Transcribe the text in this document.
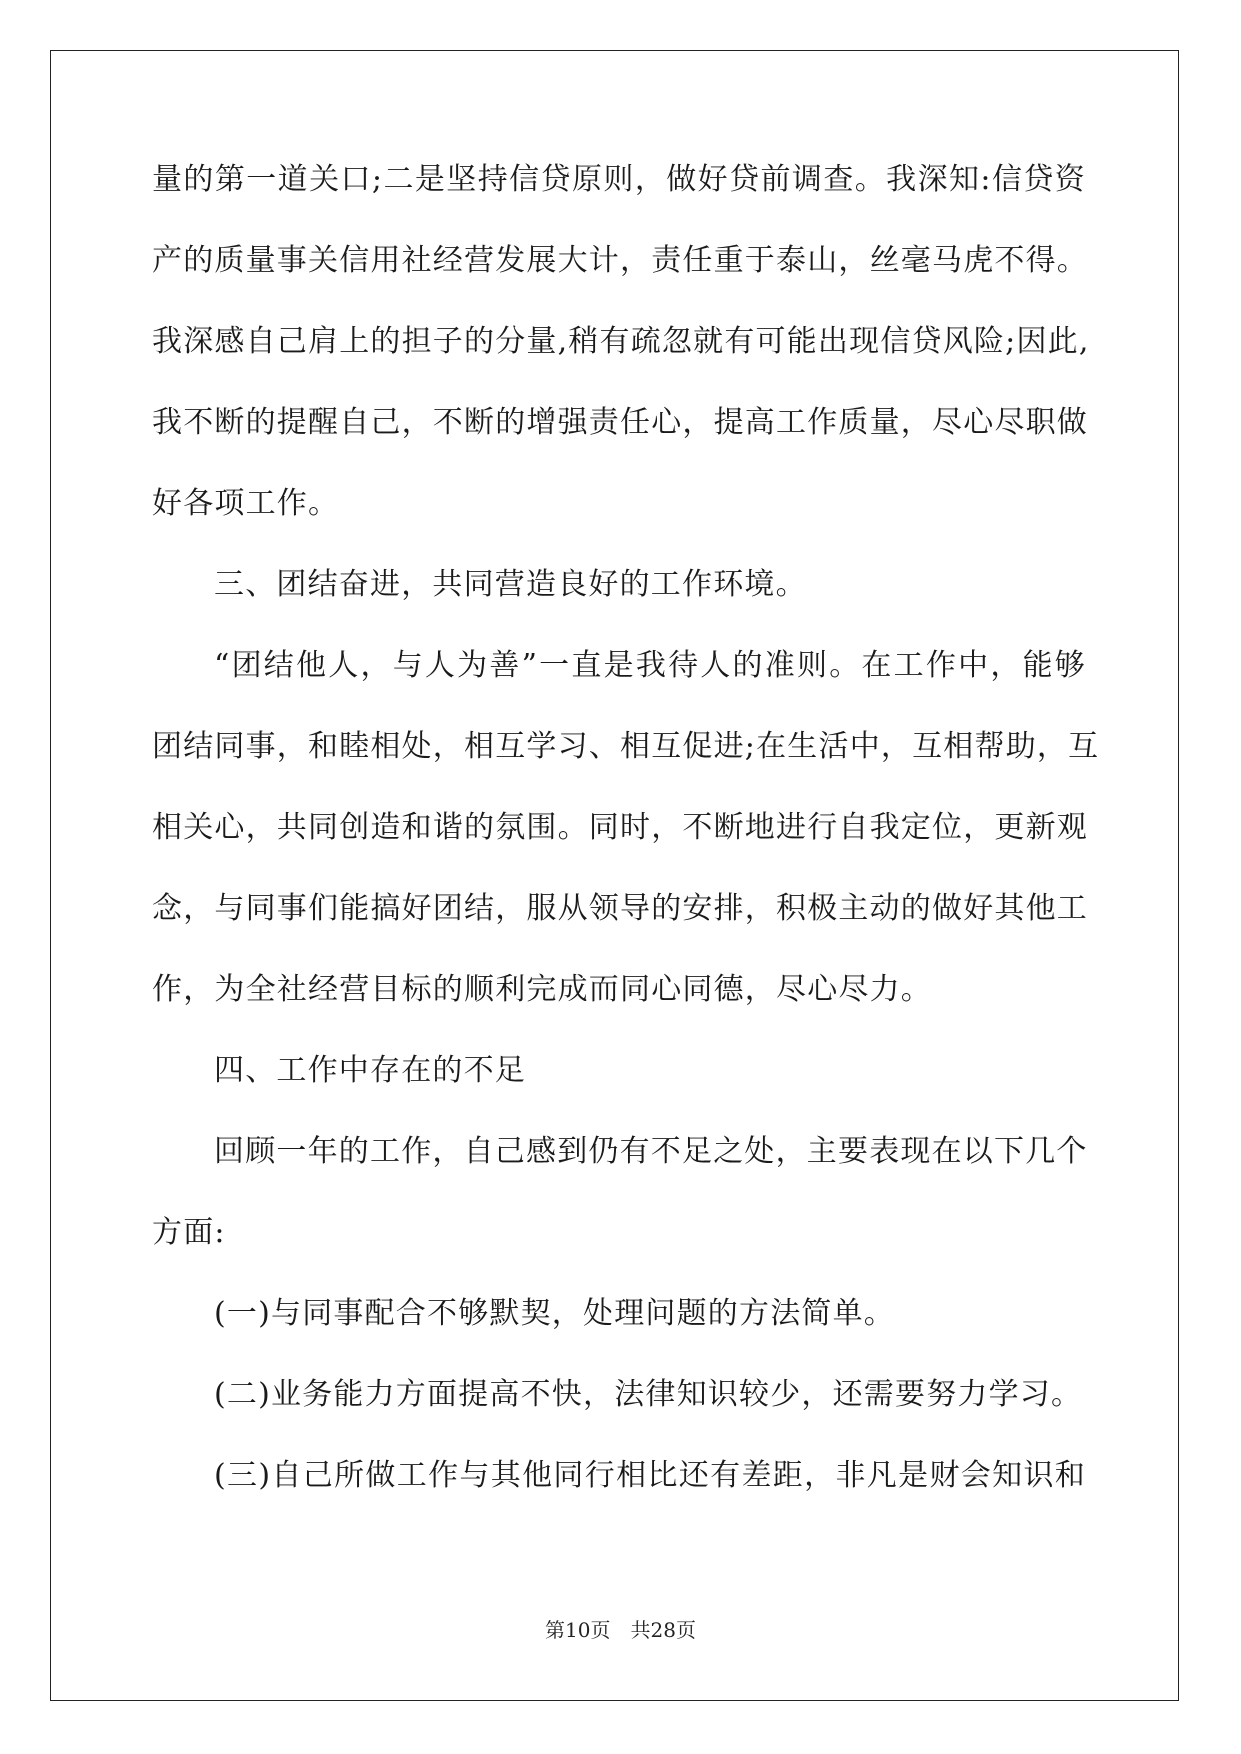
量的第一道关口;二是坚持信贷原则，做好贷前调查。我深知:信贷资
产的质量事关信用社经营发展大计，责任重于泰山，丝毫马虎不得。
我深感自己肩上的担子的分量,稍有疏忽就有可能出现信贷风险;因此,
我不断的提醒自己，不断的增强责任心，提高工作质量，尽心尽职做
好各项工作。
三、团结奋进，共同营造良好的工作环境。
“团结他人，与人为善”一直是我待人的准则。在工作中，能够
团结同事，和睦相处，相互学习、相互促进;在生活中，互相帮助，互
相关心，共同创造和谐的氛围。同时，不断地进行自我定位，更新观
念，与同事们能搞好团结，服从领导的安排，积极主动的做好其他工
作，为全社经营目标的顺利完成而同心同德，尽心尽力。
四、工作中存在的不足
回顾一年的工作，自己感到仍有不足之处，主要表现在以下几个
方面:
(一)与同事配合不够默契，处理问题的方法简单。
(二)业务能力方面提高不快，法律知识较少，还需要努力学习。
(三)自己所做工作与其他同行相比还有差距，非凡是财会知识和
第10页 共28页
